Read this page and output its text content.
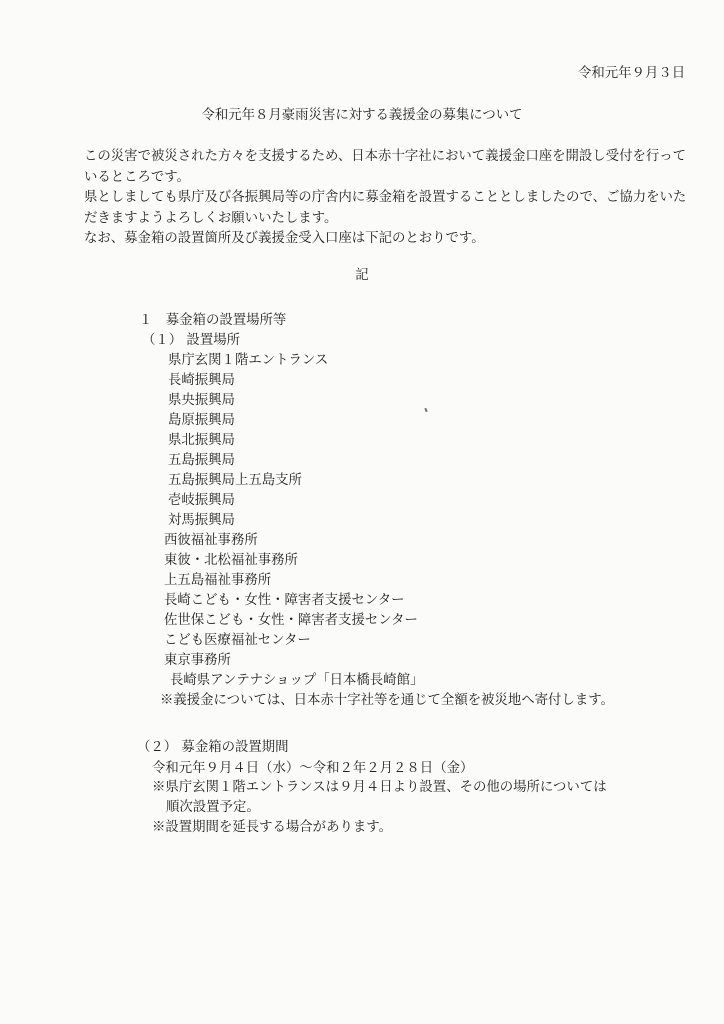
令和元年９月３日
令和元年８月豪雨災害に対する義援金の募集について

この災害で被災された方々を支援するため、日本赤十字社において義援金口座を開設し受付を行っているところです。

県としましても県庁及び各振興局等の庁舎内に募金箱を設置することとしましたので、ご協力をいただきますようよろしくお願いいたします。

なお、募金箱の設置箇所及び義援金受入口座は下記のとおりです。

記
１　募金箱の設置場所等
（１） 設置場所
県庁玄関１階エントランス
長崎振興局
県央振興局
島原振興局
県北振興局
五島振興局
五島振興局上五島支所
壱岐振興局
対馬振興局
西彼福祉事務所
東彼・北松福祉事務所
上五島福祉事務所
長崎こども・女性・障害者支援センター
佐世保こども・女性・障害者支援センター
こども医療福祉センター
東京事務所
長崎県アンテナショップ「日本橋長崎館」
※義援金については、日本赤十字社等を通じて全額を被災地へ寄付します。
（２） 募金箱の設置期間
令和元年９月４日（水）～令和２年２月２８日（金）
※県庁玄関１階エントランスは９月４日より設置、その他の場所については
順次設置予定。
※設置期間を延長する場合があります。
